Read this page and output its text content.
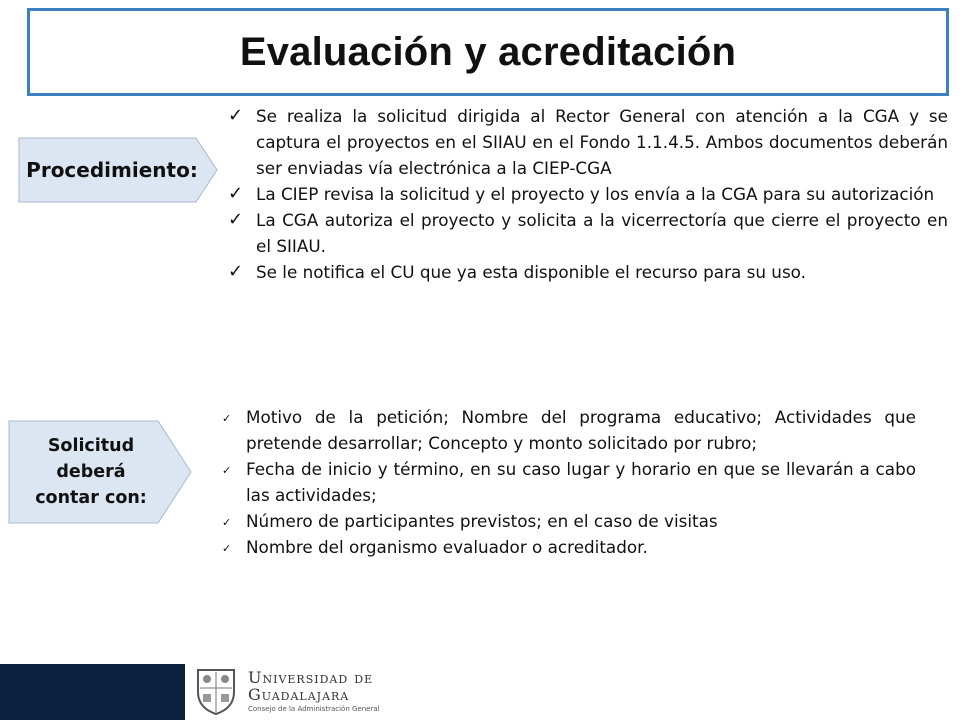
Evaluación y acreditación
Procedimiento:
✓ Se realiza la solicitud dirigida al Rector General con atención a la CGA y se captura el proyectos en el SIIAU en el Fondo 1.1.4.5. Ambos documentos deberán ser enviadas vía electrónica a la CIEP-CGA
✓ La CIEP revisa la solicitud y el proyecto y los envía a la CGA para su autorización
✓ La CGA autoriza el proyecto y solicita a la vicerrectoría que cierre el proyecto en el SIIAU.
✓ Se le notifica el CU que ya esta disponible el recurso para su uso.
Solicitud
deberá
contar con:
✓ Motivo de la petición; Nombre del programa educativo; Actividades que pretende desarrollar; Concepto y monto solicitado por rubro;
✓ Fecha de inicio y término, en su caso lugar y horario en que se llevarán a cabo las actividades;
✓ Número de participantes previstos; en el caso de visitas
✓ Nombre del organismo evaluador o acreditador.
Universidad de
Guadalajara
Consejo de la Administración General
